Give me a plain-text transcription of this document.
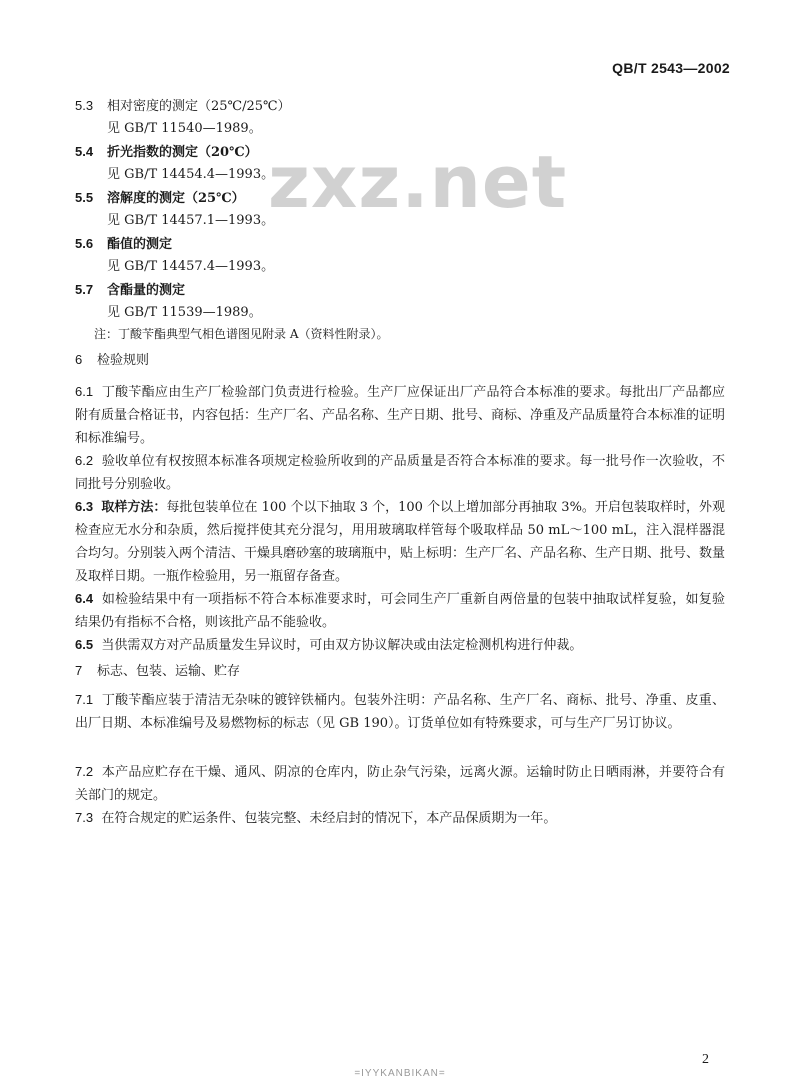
QB/T 2543—2002
zxz.net
5.3 相对密度的测定（25℃/25℃）
见 GB/T 11540—1989。
5.4 折光指数的测定（20℃）
见 GB/T 14454.4—1993。
5.5 溶解度的测定（25℃）
见 GB/T 14457.1—1993。
5.6 酯值的测定
见 GB/T 14457.4—1993。
5.7 含酯量的测定
见 GB/T 11539—1989。
注：丁酸苄酯典型气相色谱图见附录 A（资料性附录）。
6 检验规则
6.1 丁酸苄酯应由生产厂检验部门负责进行检验。生产厂应保证出厂产品符合本标准的要求。每批出厂产品都应附有质量合格证书，内容包括：生产厂名、产品名称、生产日期、批号、商标、净重及产品质量符合本标准的证明和标准编号。
6.2 验收单位有权按照本标准各项规定检验所收到的产品质量是否符合本标准的要求。每一批号作一次验收，不同批号分别验收。
6.3 取样方法：每批包装单位在 100 个以下抽取 3 个，100 个以上增加部分再抽取 3%。开启包装取样时，外观检查应无水分和杂质，然后搅拌使其充分混匀，用用玻璃取样管每个吸取样品 50 mL～100 mL，注入混样器混合均匀。分别装入两个清洁、干燥具磨砂塞的玻璃瓶中，贴上标明：生产厂名、产品名称、生产日期、批号、数量及取样日期。一瓶作检验用，另一瓶留存备查。
6.4 如检验结果中有一项指标不符合本标准要求时，可会同生产厂重新自两倍量的包装中抽取试样复验，如复验结果仍有指标不合格，则该批产品不能验收。
6.5 当供需双方对产品质量发生异议时，可由双方协议解决或由法定检测机构进行仲裁。
7 标志、包装、运输、贮存
7.1 丁酸苄酯应装于清洁无杂味的镀锌铁桶内。包装外注明：产品名称、生产厂名、商标、批号、净重、皮重、出厂日期、本标准编号及易燃物标的标志（见 GB 190）。订货单位如有特殊要求，可与生产厂另订协议。
7.2 本产品应贮存在干燥、通风、阴凉的仓库内，防止杂气污染，远离火源。运输时防止日晒雨淋，并要符合有关部门的规定。
7.3 在符合规定的贮运条件、包装完整、未经启封的情况下，本产品保质期为一年。
2
=IYYKANBIKAN=
